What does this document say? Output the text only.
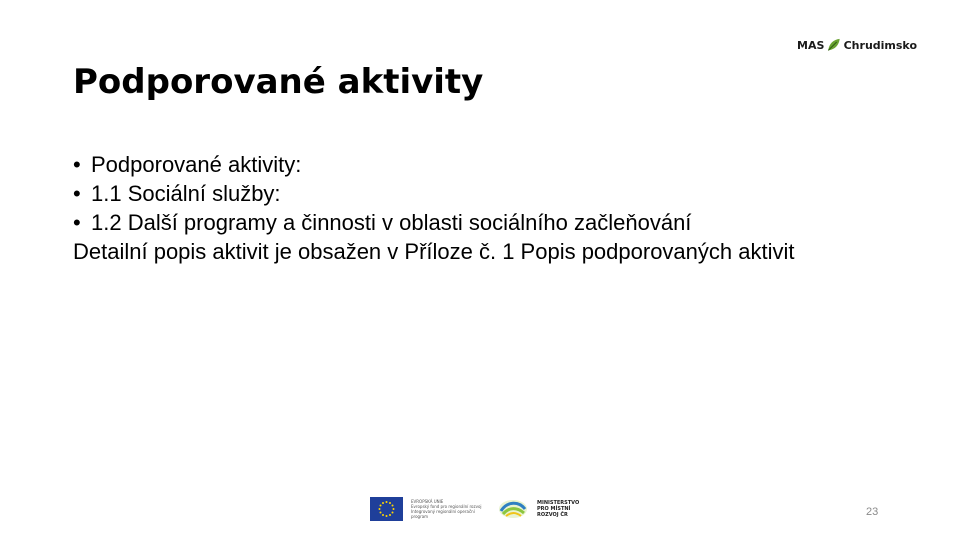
MAS Chrudimsko
Podporované aktivity
• Podporované aktivity:
• 1.1 Sociální služby:
• 1.2 Další programy a činnosti v oblasti sociálního začleňování
Detailní popis aktivit je obsažen v Příloze č. 1 Popis podporovaných aktivit
EVROPSKÁ UNIE
Evropský fond pro regionální rozvoj
Integrovaný regionální operační program
MINISTERSTVO
PRO MÍSTNÍ
ROZVOJ ČR	23
